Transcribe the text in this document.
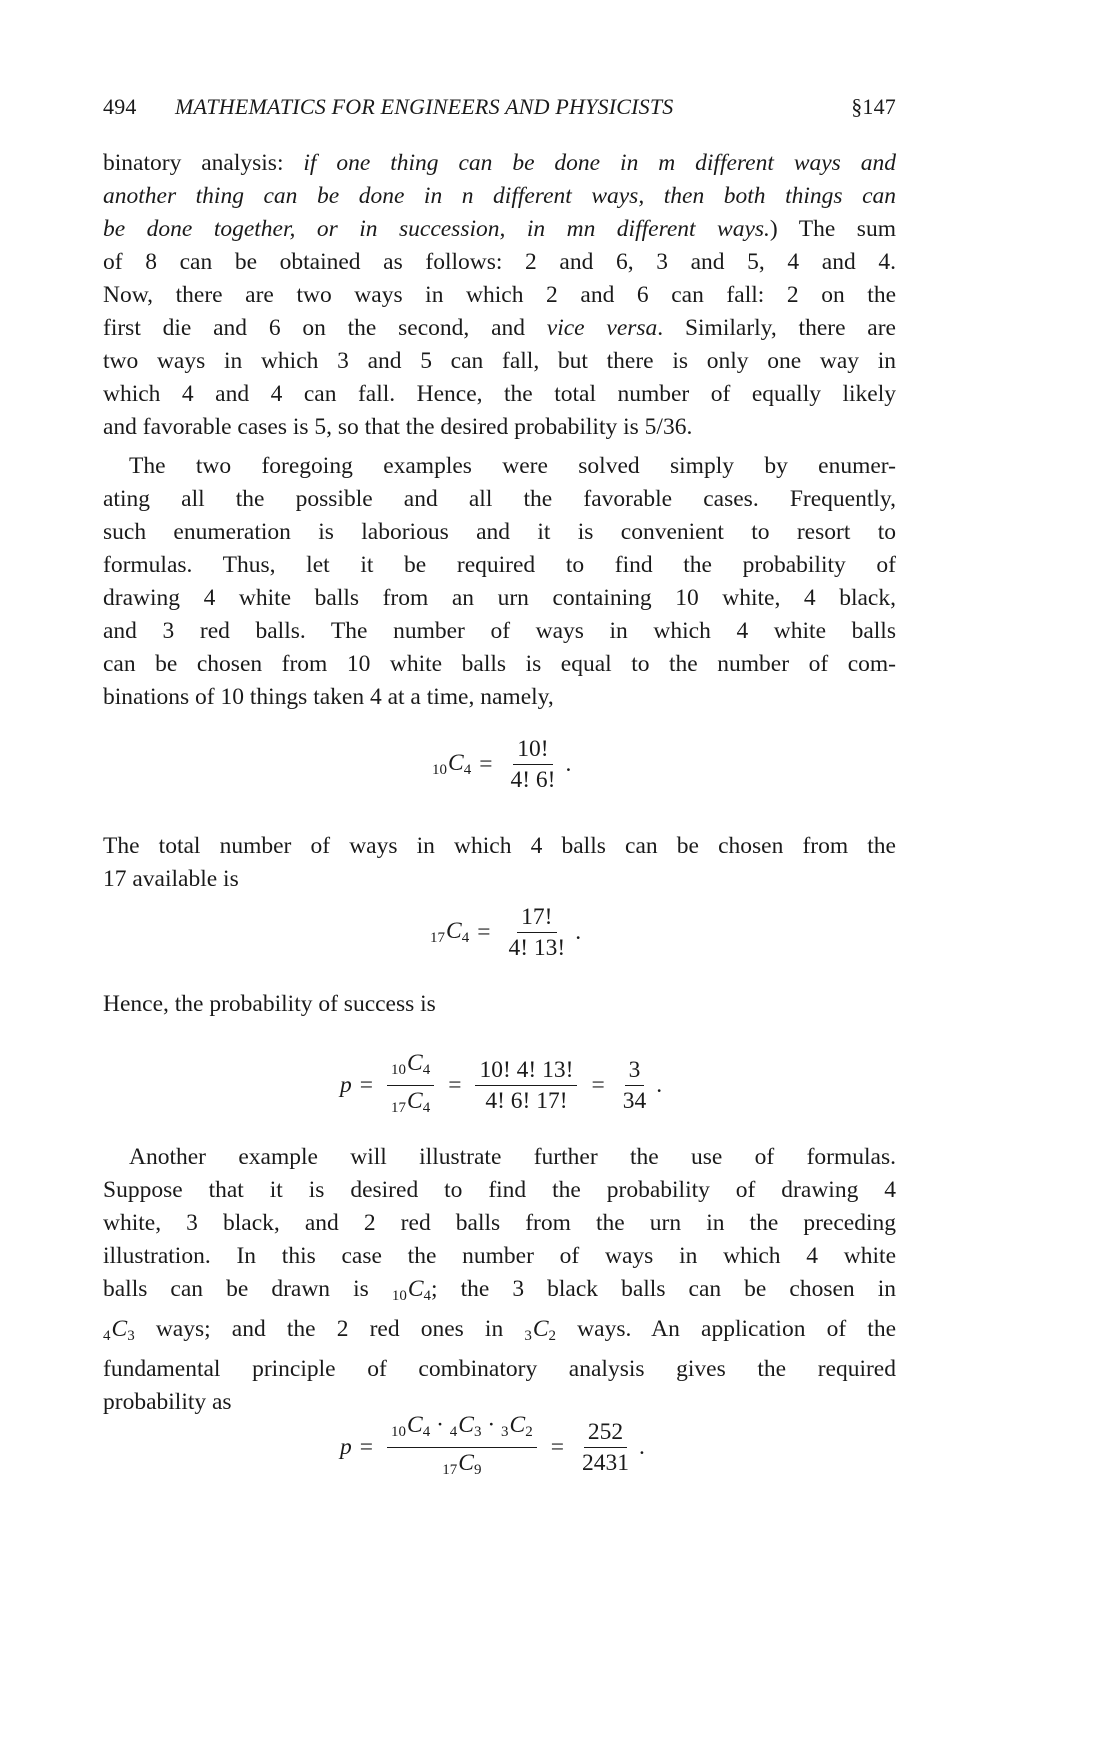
494 MATHEMATICS FOR ENGINEERS AND PHYSICISTS	§147
binatory analysis: if one thing can be done in m different ways and
another thing can be done in n different ways, then both things can
be done together, or in succession, in mn different ways.) The sum
of 8 can be obtained as follows: 2 and 6, 3 and 5, 4 and 4.
Now, there are two ways in which 2 and 6 can fall: 2 on the
first die and 6 on the second, and vice versa. Similarly, there are
two ways in which 3 and 5 can fall, but there is only one way in
which 4 and 4 can fall. Hence, the total number of equally likely
and favorable cases is 5, so that the desired probability is 5/36.
The two foregoing examples were solved simply by enumer-
ating all the possible and all the favorable cases. Frequently,
such enumeration is laborious and it is convenient to resort to
formulas. Thus, let it be required to find the probability of
drawing 4 white balls from an urn containing 10 white, 4 black,
and 3 red balls. The number of ways in which 4 white balls
can be chosen from 10 white balls is equal to the number of com-
binations of 10 things taken 4 at a time, namely,
$10C_4 = \frac{10!}{4! 6!}$ .
The total number of ways in which 4 balls can be chosen from the
17 available is
$17C_4 = \frac{17!}{4! 13!}$ .
Hence, the probability of success is
$p = \frac{10C_4}{17C_4} = \frac{10! 4! 13!}{4! 6! 17!} = \frac{3}{34}$ .
Another example will illustrate further the use of formulas.
Suppose that it is desired to find the probability of drawing 4
white, 3 black, and 2 red balls from the urn in the preceding
illustration. In this case the number of ways in which 4 white
balls can be drawn is $10C_4$; the 3 black balls can be chosen in
$4C_3$ ways; and the 2 red ones in $3C_2$ ways. An application of the
fundamental principle of combinatory analysis gives the required
probability as
$p = \frac{10C_4 \cdot 4C_3 \cdot 3C_2}{17C_9} = \frac{252}{2431}$ .
